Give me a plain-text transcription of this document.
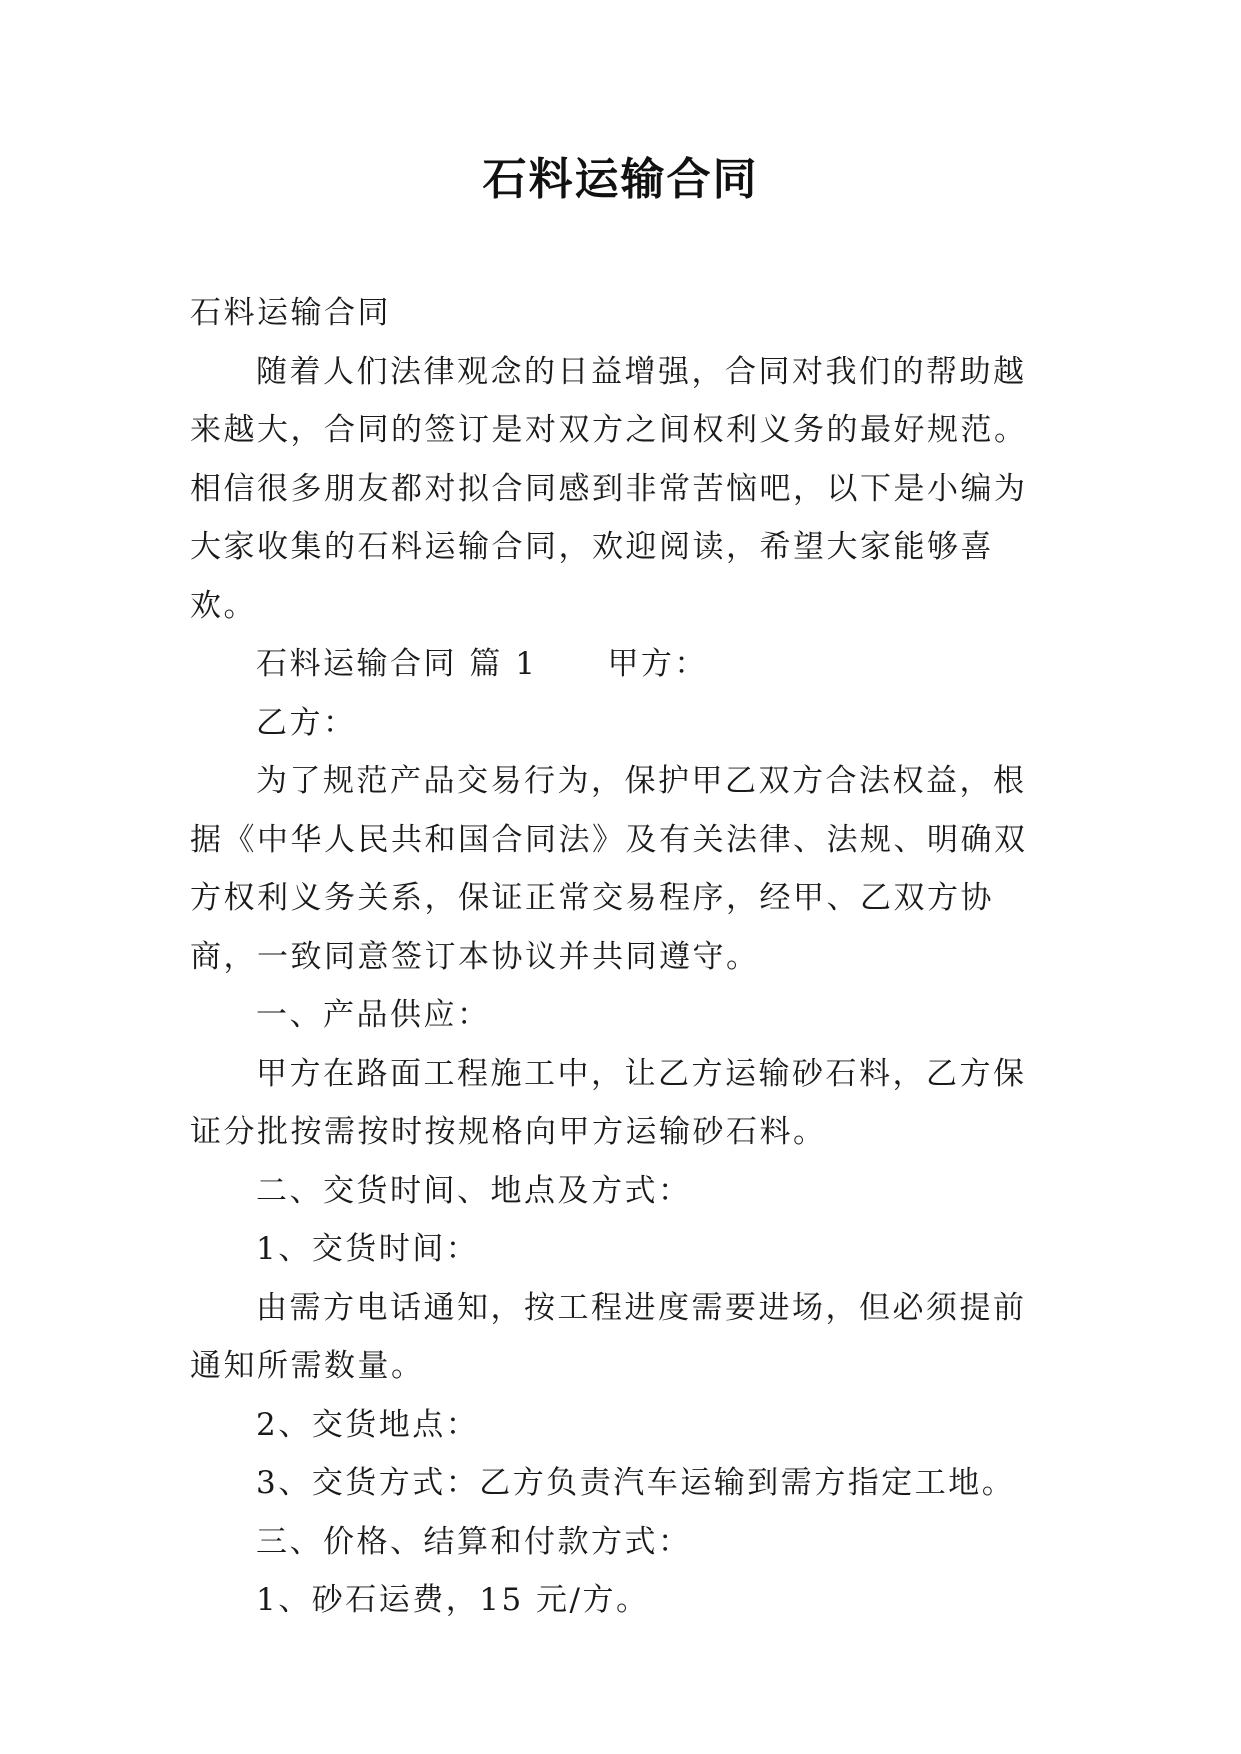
石料运输合同

石料运输合同

随着人们法律观念的日益增强，合同对我们的帮助越来越大，合同的签订是对双方之间权利义务的最好规范。相信很多朋友都对拟合同感到非常苦恼吧，以下是小编为大家收集的石料运输合同，欢迎阅读，希望大家能够喜欢。

石料运输合同 篇 1 甲方：

乙方：

为了规范产品交易行为，保护甲乙双方合法权益，根据《中华人民共和国合同法》及有关法律、法规、明确双方权利义务关系，保证正常交易程序，经甲、乙双方协商，一致同意签订本协议并共同遵守。

一、产品供应：

甲方在路面工程施工中，让乙方运输砂石料，乙方保证分批按需按时按规格向甲方运输砂石料。

二、交货时间、地点及方式：

1、交货时间：

由需方电话通知，按工程进度需要进场，但必须提前通知所需数量。

2、交货地点：

3、交货方式：乙方负责汽车运输到需方指定工地。

三、价格、结算和付款方式：

1、砂石运费，15 元/方。
